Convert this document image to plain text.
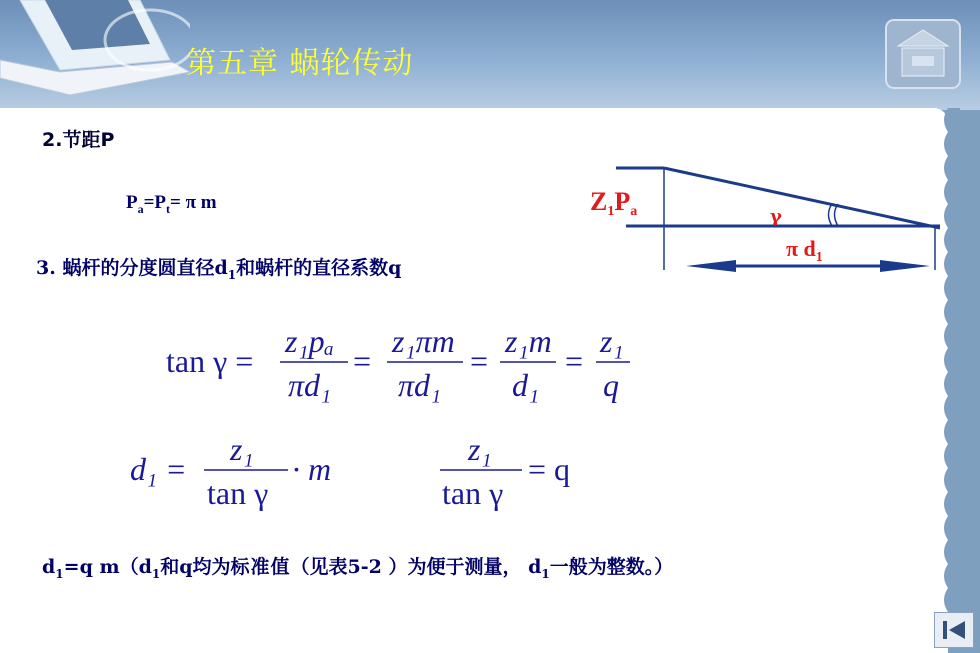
第五章 蜗轮传动
2.节距P
$P_a=P_t= \pi$ m
3. 蜗杆的分度圆直径$d_1$和蜗杆的直径系数q
Z1Pa	γ
π $d_1$
tan γ =
z₁pₐ
πd₁
=
z₁πm
πd₁
=
z₁m
d₁
=
z₁
q
d₁ =
z₁
tan γ
· m
z₁
tan γ
= q
$d_1=q$ $m(d_1$和q均为标准值（见表5-2 ）为便于测量， $d_1$一般为整数。）
